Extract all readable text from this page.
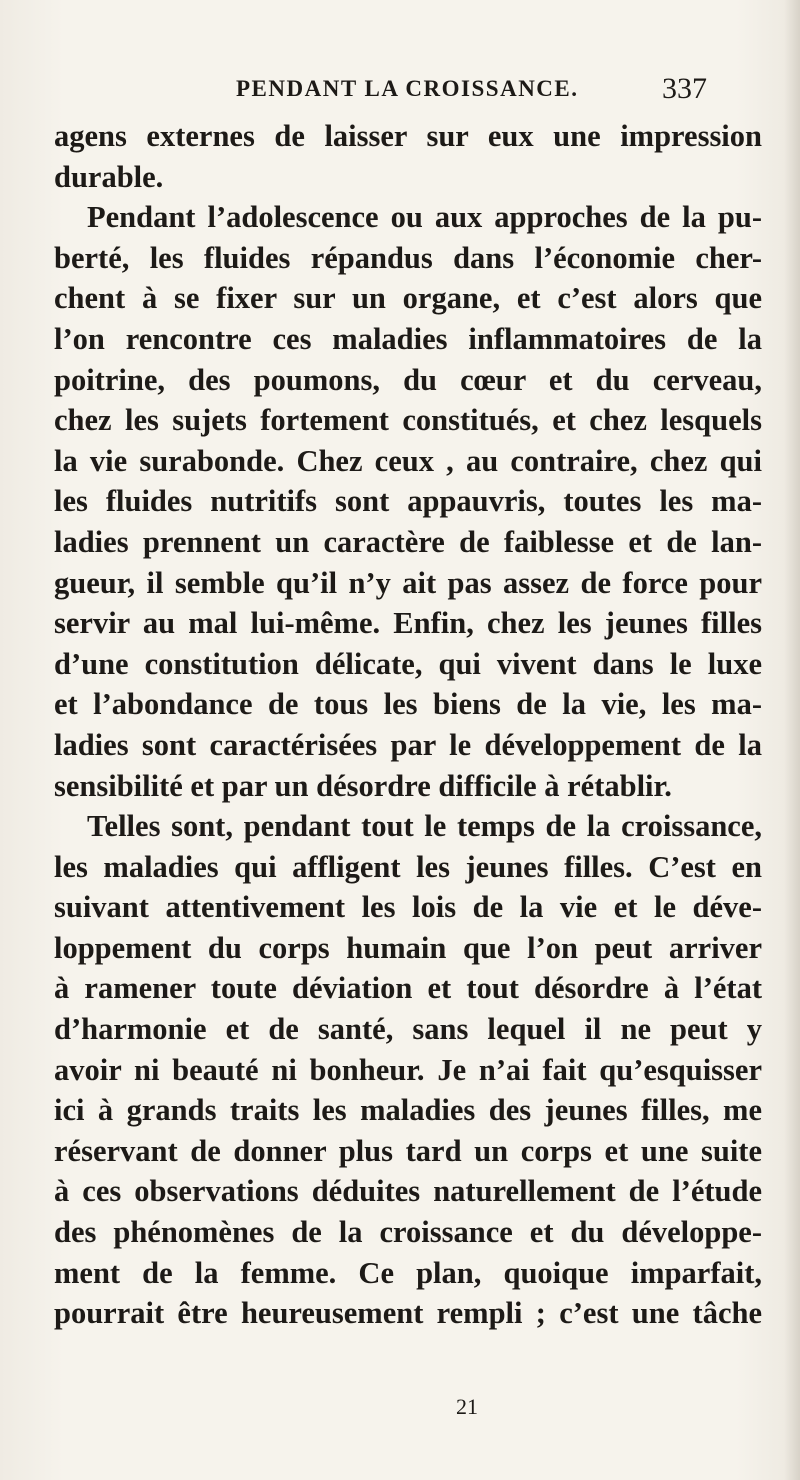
PENDANT LA CROISSANCE.	337
agens externes de laisser sur eux une impression
durable.
Pendant l’adolescence ou aux approches de la pu-
berté, les fluides répandus dans l’économie cher-
chent à se fixer sur un organe, et c’est alors que
l’on rencontre ces maladies inflammatoires de la
poitrine, des poumons, du cœur et du cerveau,
chez les sujets fortement constitués, et chez lesquels
la vie surabonde. Chez ceux , au contraire, chez qui
les fluides nutritifs sont appauvris, toutes les ma-
ladies prennent un caractère de faiblesse et de lan-
gueur, il semble qu’il n’y ait pas assez de force pour
servir au mal lui-même. Enfin, chez les jeunes filles
d’une constitution délicate, qui vivent dans le luxe
et l’abondance de tous les biens de la vie, les ma-
ladies sont caractérisées par le développement de la
sensibilité et par un désordre difficile à rétablir.
Telles sont, pendant tout le temps de la croissance,
les maladies qui affligent les jeunes filles. C’est en
suivant attentivement les lois de la vie et le déve-
loppement du corps humain que l’on peut arriver
à ramener toute déviation et tout désordre à l’état
d’harmonie et de santé, sans lequel il ne peut y
avoir ni beauté ni bonheur. Je n’ai fait qu’esquisser
ici à grands traits les maladies des jeunes filles, me
réservant de donner plus tard un corps et une suite
à ces observations déduites naturellement de l’étude
des phénomènes de la croissance et du développe-
ment de la femme. Ce plan, quoique imparfait,
pourrait être heureusement rempli ; c’est une tâche
21
